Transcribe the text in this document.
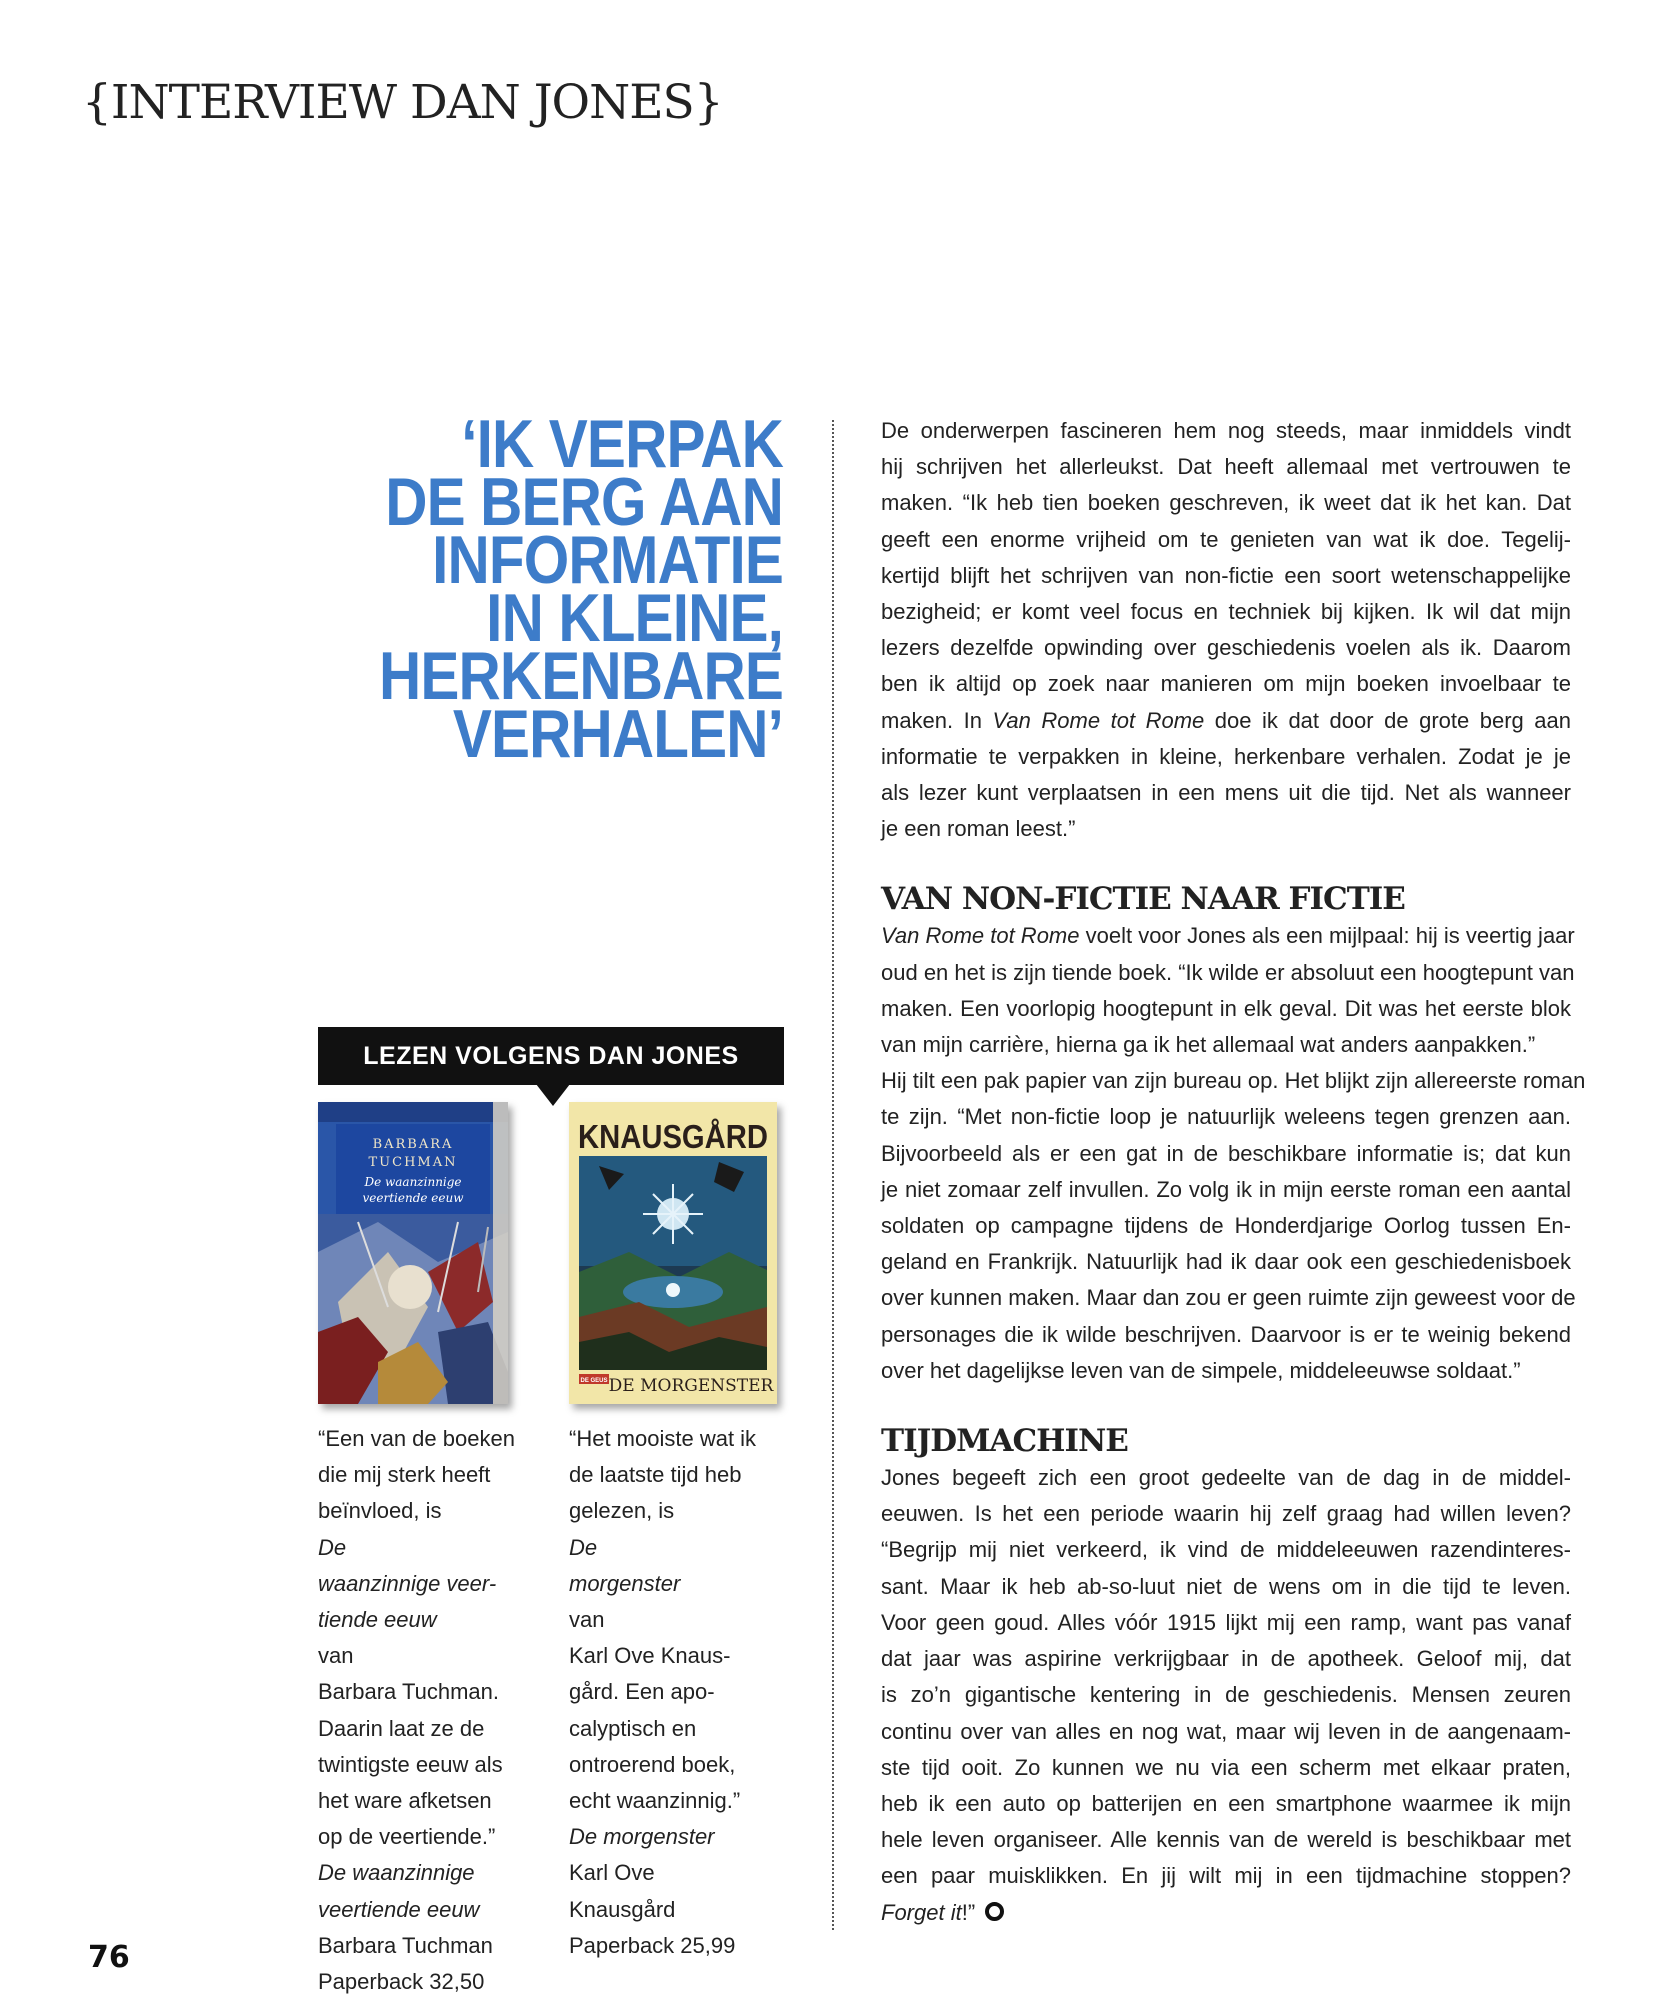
{INTERVIEW DAN JONES}
‘IK VERPAK
DE BERG AAN
INFORMATIE
IN KLEINE,
HERKENBARE
VERHALEN’

De onderwerpen fascineren hem nog steeds, maar inmiddels vindt
hij schrijven het allerleukst. Dat heeft allemaal met vertrouwen te
maken. “Ik heb tien boeken geschreven, ik weet dat ik het kan. Dat
geeft een enorme vrijheid om te genieten van wat ik doe. Tegelij-
kertijd blijft het schrijven van non-fictie een soort wetenschappelijke
bezigheid; er komt veel focus en techniek bij kijken. Ik wil dat mijn
lezers dezelfde opwinding over geschiedenis voelen als ik. Daarom
ben ik altijd op zoek naar manieren om mijn boeken invoelbaar te
maken. In Van Rome tot Rome doe ik dat door de grote berg aan
informatie te verpakken in kleine, herkenbare verhalen. Zodat je je
als lezer kunt verplaatsen in een mens uit die tijd. Net als wanneer
je een roman leest.”

VAN NON-FICTIE NAAR FICTIE

Van Rome tot Rome voelt voor Jones als een mijlpaal: hij is veertig jaar
oud en het is zijn tiende boek. “Ik wilde er absoluut een hoogtepunt van
maken. Een voorlopig hoogtepunt in elk geval. Dit was het eerste blok
van mijn carrière, hierna ga ik het allemaal wat anders aanpakken.”
Hij tilt een pak papier van zijn bureau op. Het blijkt zijn allereerste roman
te zijn. “Met non-fictie loop je natuurlijk weleens tegen grenzen aan.
Bijvoorbeeld als er een gat in de beschikbare informatie is; dat kun
je niet zomaar zelf invullen. Zo volg ik in mijn eerste roman een aantal
soldaten op campagne tijdens de Honderdjarige Oorlog tussen En-
geland en Frankrijk. Natuurlijk had ik daar ook een geschiedenisboek
over kunnen maken. Maar dan zou er geen ruimte zijn geweest voor de
personages die ik wilde beschrijven. Daarvoor is er te weinig bekend
over het dagelijkse leven van de simpele, middeleeuwse soldaat.”

TIJDMACHINE

Jones begeeft zich een groot gedeelte van de dag in de middel-
eeuwen. Is het een periode waarin hij zelf graag had willen leven?
“Begrijp mij niet verkeerd, ik vind de middeleeuwen razendinteres-
sant. Maar ik heb ab-so-luut niet de wens om in die tijd te leven.
Voor geen goud. Alles vóór 1915 lijkt mij een ramp, want pas vanaf
dat jaar was aspirine verkrijgbaar in de apotheek. Geloof mij, dat
is zo’n gigantische kentering in de geschiedenis. Mensen zeuren
continu over van alles en nog wat, maar wij leven in de aangenaam-
ste tijd ooit. Zo kunnen we nu via een scherm met elkaar praten,
heb ik een auto op batterijen en een smartphone waarmee ik mijn
hele leven organiseer. Alle kennis van de wereld is beschikbaar met
een paar muisklikken. En jij wilt mij in een tijdmachine stoppen?
Forget it!”

LEZEN VOLGENS DAN JONES
BARBARA
TUCHMAN
De waanzinnige
veertiende eeuw
KNAUSGÅRD
DE GEUS DE MORGENSTER

“Een van de boeken
die mij sterk heeft
beïnvloed, is
De
waanzinnige veer-
tiende eeuw
van
Barbara Tuchman.
Daarin laat ze de
twintigste eeuw als
het ware afketsen
op de veertiende.”
De waanzinnige
veertiende eeuw
Barbara Tuchman
Paperback 32,50

“Het mooiste wat ik
de laatste tijd heb
gelezen, is
De
morgenster
van
Karl Ove Knaus-
gård. Een apo-
calyptisch en
ontroerend boek,
echt waanzinnig.”
De morgenster
Karl Ove
Knausgård
Paperback 25,99

76
